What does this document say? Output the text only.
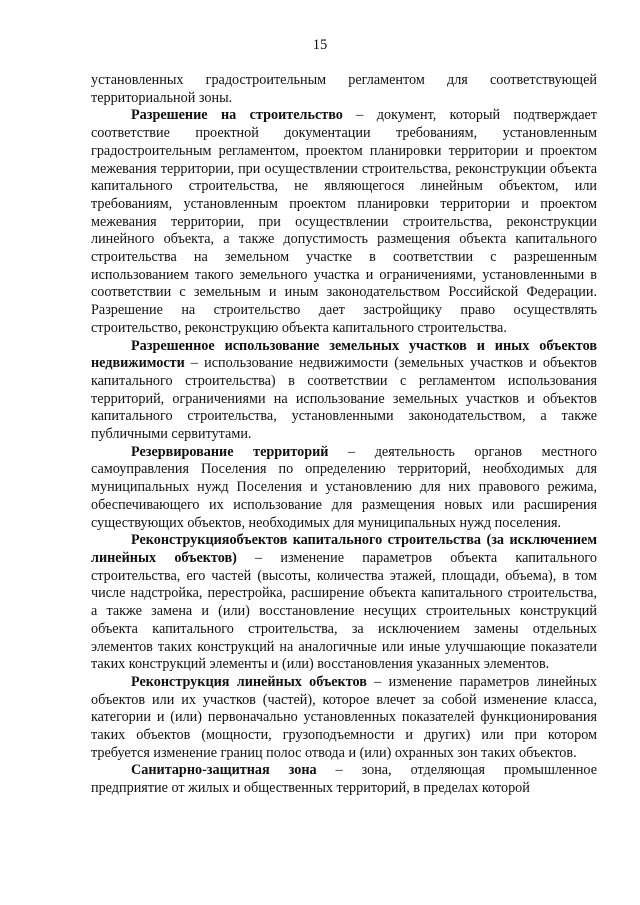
15

установленных градостроительным регламентом для соответствующей территориальной зоны.

Разрешение на строительство – документ, который подтверждает соответствие проектной документации требованиям, установленным градостроительным регламентом, проектом планировки территории и проектом межевания территории, при осуществлении строительства, реконструкции объекта капитального строительства, не являющегося линейным объектом, или требованиям, установленным проектом планировки территории и проектом межевания территории, при осуществлении строительства, реконструкции линейного объекта, а также допустимость размещения объекта капитального строительства на земельном участке в соответствии с разрешенным использованием такого земельного участка и ограничениями, установленными в соответствии с земельным и иным законодательством Российской Федерации. Разрешение на строительство дает застройщику право осуществлять строительство, реконструкцию объекта капитального строительства.

Разрешенное использование земельных участков и иных объектов недвижимости – использование недвижимости (земельных участков и объектов капитального строительства) в соответствии с регламентом использования территорий, ограничениями на использование земельных участков и объектов капитального строительства, установленными законодательством, а также публичными сервитутами.

Резервирование территорий – деятельность органов местного самоуправления Поселения по определению территорий, необходимых для муниципальных нужд Поселения и установлению для них правового режима, обеспечивающего их использование для размещения новых или расширения существующих объектов, необходимых для муниципальных нужд поселения.

Реконструкцияобъектов капитального строительства (за исключением линейных объектов) – изменение параметров объекта капитального строительства, его частей (высоты, количества этажей, площади, объема), в том числе надстройка, перестройка, расширение объекта капитального строительства, а также замена и (или) восстановление несущих строительных конструкций объекта капитального строительства, за исключением замены отдельных элементов таких конструкций на аналогичные или иные улучшающие показатели таких конструкций элементы и (или) восстановления указанных элементов.

Реконструкция линейных объектов – изменение параметров линейных объектов или их участков (частей), которое влечет за собой изменение класса, категории и (или) первоначально установленных показателей функционирования таких объектов (мощности, грузоподъемности и других) или при котором требуется изменение границ полос отвода и (или) охранных зон таких объектов.

Санитарно-защитная зона – зона, отделяющая промышленное предприятие от жилых и общественных территорий, в пределах которой
